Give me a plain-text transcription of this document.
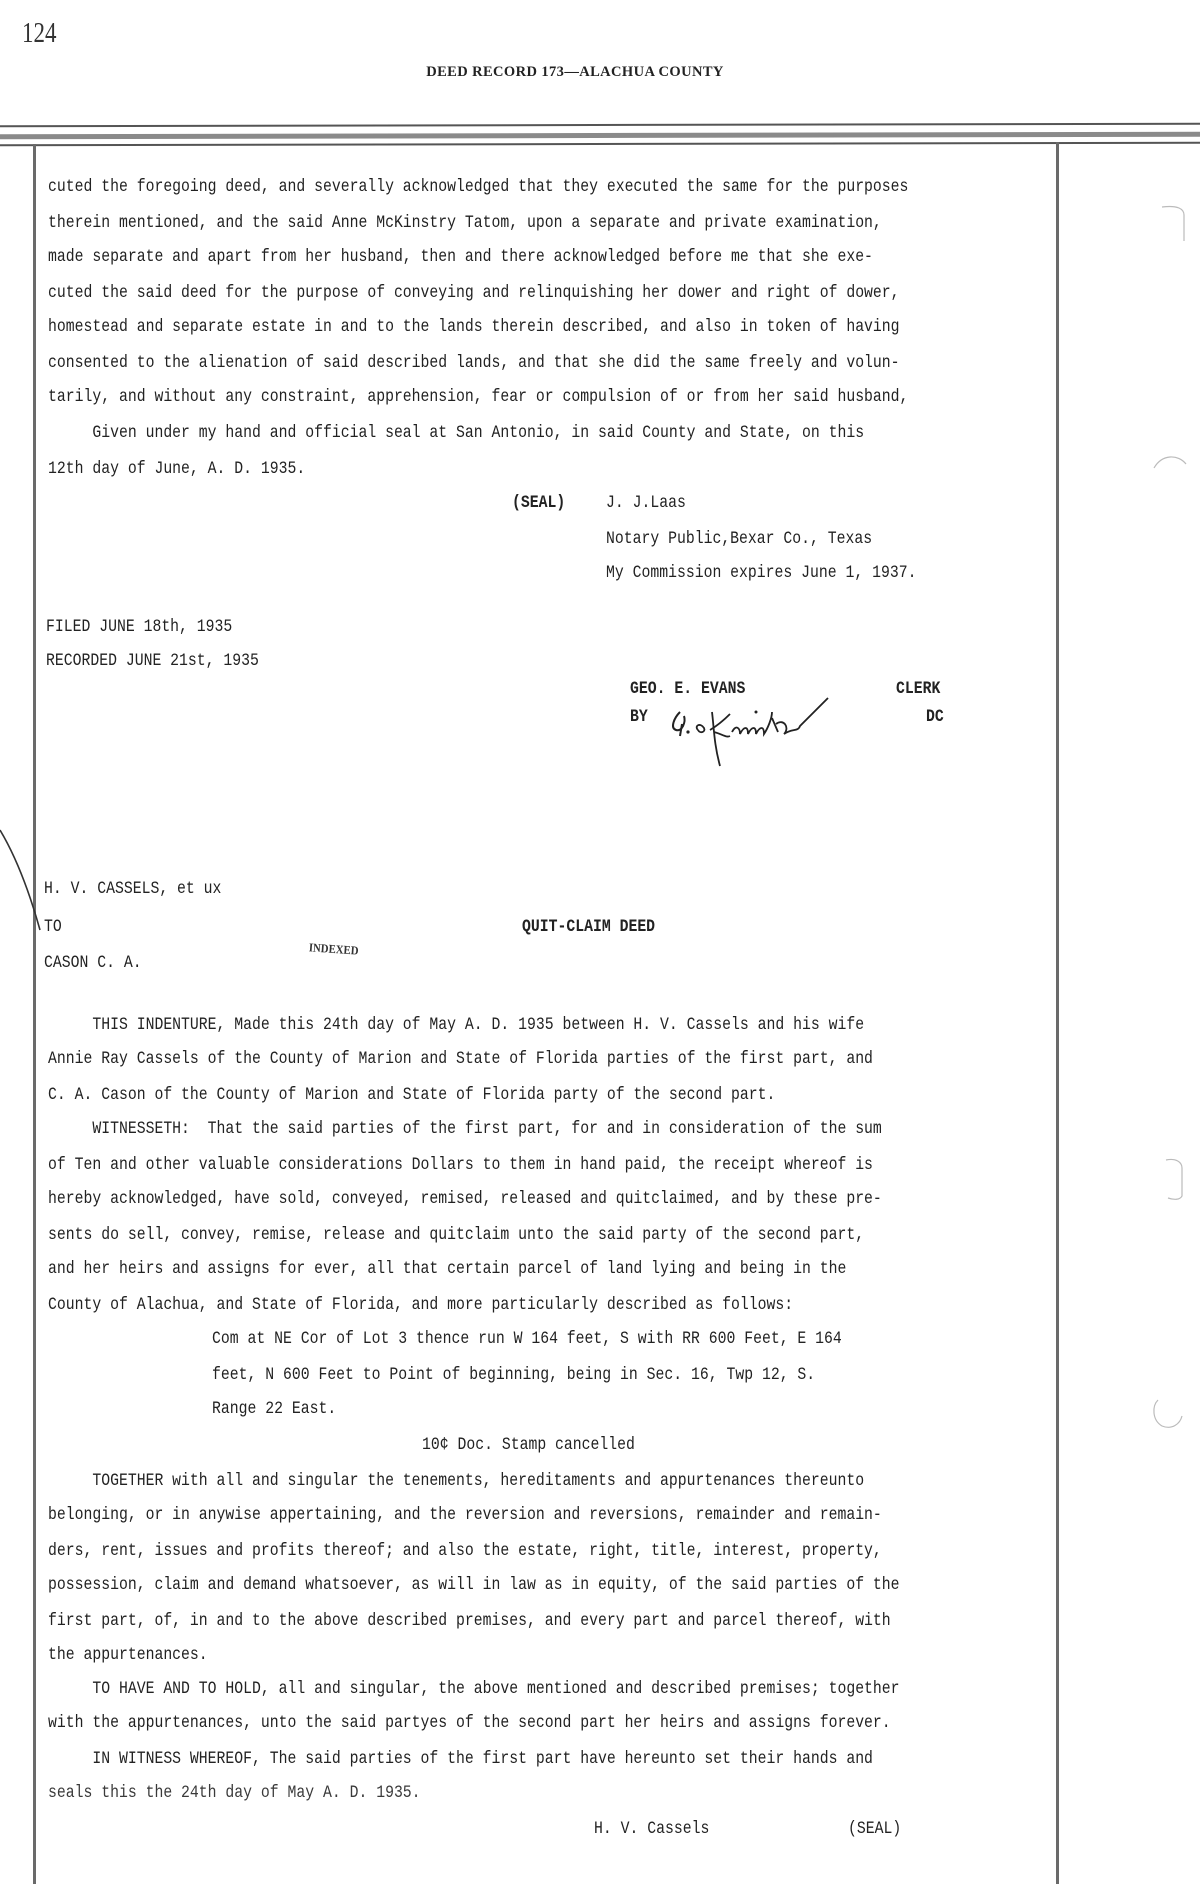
124
DEED RECORD 173—ALACHUA COUNTY
cuted the foregoing deed, and severally acknowledged that they executed the same for the purposes
therein mentioned, and the said Anne McKinstry Tatom, upon a separate and private examination,
made separate and apart from her husband, then and there acknowledged before me that she exe-
cuted the said deed for the purpose of conveying and relinquishing her dower and right of dower,
homestead and separate estate in and to the lands therein described, and also in token of having
consented to the alienation of said described lands, and that she did the same freely and volun-
tarily, and without any constraint, apprehension, fear or compulsion of or from her said husband,
Given under my hand and official seal at San Antonio, in said County and State, on this
12th day of June, A. D. 1935.
(SEAL) J. J.Laas
Notary Public,Bexar Co., Texas
My Commission expires June 1, 1937.
FILED JUNE 18th, 1935
RECORDED JUNE 21st, 1935
GEO. E. EVANS	CLERK
BY	DC
H. V. CASSELS, et ux
TO	QUIT-CLAIM DEED
CASON C. A.
THIS INDENTURE, Made this 24th day of May A. D. 1935 between H. V. Cassels and his wife
Annie Ray Cassels of the County of Marion and State of Florida parties of the first part, and
C. A. Cason of the County of Marion and State of Florida party of the second part.
WITNESSETH:  That the said parties of the first part, for and in consideration of the sum
of Ten and other valuable considerations Dollars to them in hand paid, the receipt whereof is
hereby acknowledged, have sold, conveyed, remised, released and quitclaimed, and by these pre-
sents do sell, convey, remise, release and quitclaim unto the said party of the second part,
and her heirs and assigns for ever, all that certain parcel of land lying and being in the
County of Alachua, and State of Florida, and more particularly described as follows:
Com at NE Cor of Lot 3 thence run W 164 feet, S with RR 600 Feet, E 164
feet, N 600 Feet to Point of beginning, being in Sec. 16, Twp 12, S.
Range 22 East.
10¢ Doc. Stamp cancelled
TOGETHER with all and singular the tenements, hereditaments and appurtenances thereunto
belonging, or in anywise appertaining, and the reversion and reversions, remainder and remain-
ders, rent, issues and profits thereof; and also the estate, right, title, interest, property,
possession, claim and demand whatsoever, as will in law as in equity, of the said parties of the
first part, of, in and to the above described premises, and every part and parcel thereof, with
the appurtenances.
TO HAVE AND TO HOLD, all and singular, the above mentioned and described premises; together
with the appurtenances, unto the said partyes of the second part her heirs and assigns forever.
IN WITNESS WHEREOF, The said parties of the first part have hereunto set their hands and
seals this the 24th day of May A. D. 1935.
H. V. Cassels	(SEAL)
INDEXED
